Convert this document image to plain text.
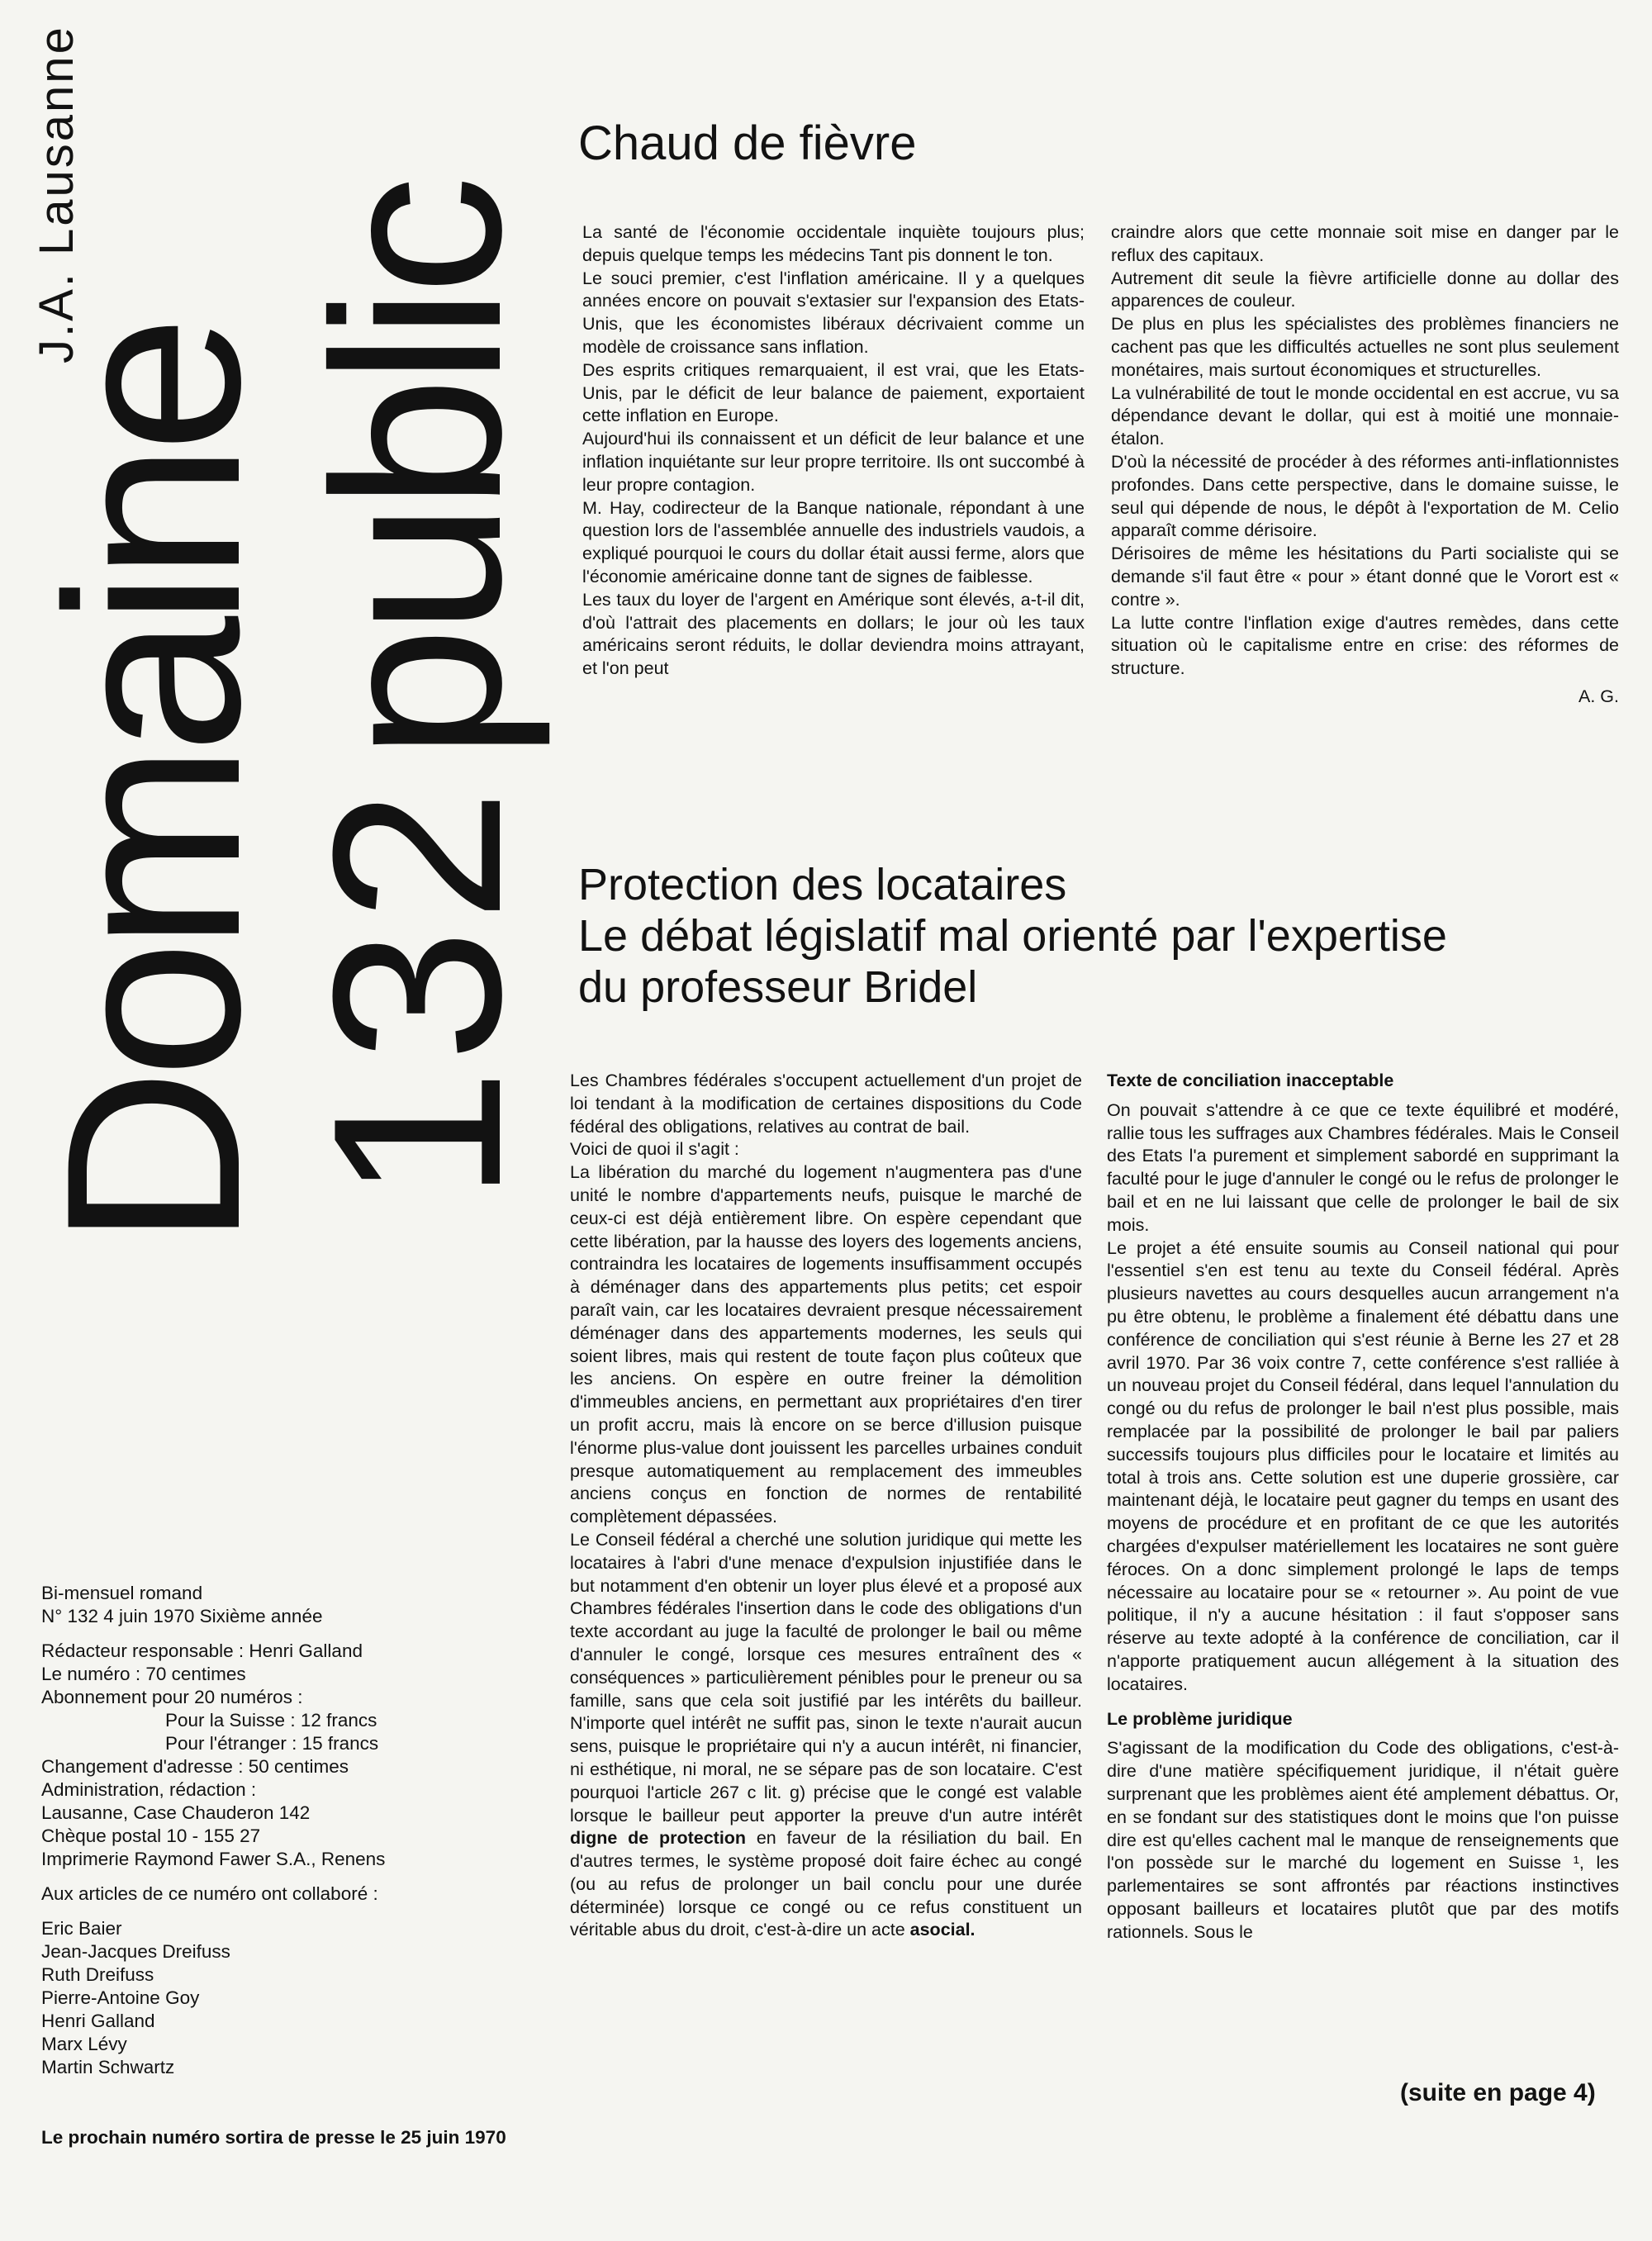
J.A. Lausanne
Domaine
public
132
Chaud de fièvre

La santé de l'économie occidentale inquiète toujours plus; depuis quelque temps les médecins Tant pis donnent le ton.

Le souci premier, c'est l'inflation américaine. Il y a quelques années encore on pouvait s'extasier sur l'expansion des Etats-Unis, que les économistes libéraux décrivaient comme un modèle de croissance sans inflation.

Des esprits critiques remarquaient, il est vrai, que les Etats-Unis, par le déficit de leur balance de paiement, exportaient cette inflation en Europe.

Aujourd'hui ils connaissent et un déficit de leur balance et une inflation inquiétante sur leur propre territoire. Ils ont succombé à leur propre contagion.

M. Hay, codirecteur de la Banque nationale, répondant à une question lors de l'assemblée annuelle des industriels vaudois, a expliqué pourquoi le cours du dollar était aussi ferme, alors que l'économie américaine donne tant de signes de faiblesse.

Les taux du loyer de l'argent en Amérique sont élevés, a-t-il dit, d'où l'attrait des placements en dollars; le jour où les taux américains seront réduits, le dollar deviendra moins attrayant, et l'on peut

craindre alors que cette monnaie soit mise en danger par le reflux des capitaux.

Autrement dit seule la fièvre artificielle donne au dollar des apparences de couleur.

De plus en plus les spécialistes des problèmes financiers ne cachent pas que les difficultés actuelles ne sont plus seulement monétaires, mais surtout économiques et structurelles.

La vulnérabilité de tout le monde occidental en est accrue, vu sa dépendance devant le dollar, qui est à moitié une monnaie-étalon.

D'où la nécessité de procéder à des réformes anti-inflationnistes profondes. Dans cette perspective, dans le domaine suisse, le seul qui dépende de nous, le dépôt à l'exportation de M. Celio apparaît comme dérisoire.

Dérisoires de même les hésitations du Parti socialiste qui se demande s'il faut être « pour » étant donné que le Vorort est « contre ».

La lutte contre l'inflation exige d'autres remèdes, dans cette situation où le capitalisme entre en crise: des réformes de structure.

A. G.

Protection des locataires
Le débat législatif mal orienté par l'expertise
du professeur Bridel

Les Chambres fédérales s'occupent actuellement d'un projet de loi tendant à la modification de certaines dispositions du Code fédéral des obligations, relatives au contrat de bail.

Voici de quoi il s'agit :

La libération du marché du logement n'augmentera pas d'une unité le nombre d'appartements neufs, puisque le marché de ceux-ci est déjà entièrement libre. On espère cependant que cette libération, par la hausse des loyers des logements anciens, contraindra les locataires de logements insuffisamment occupés à déménager dans des appartements plus petits; cet espoir paraît vain, car les locataires devraient presque nécessairement déménager dans des appartements modernes, les seuls qui soient libres, mais qui restent de toute façon plus coûteux que les anciens. On espère en outre freiner la démolition d'immeubles anciens, en permettant aux propriétaires d'en tirer un profit accru, mais là encore on se berce d'illusion puisque l'énorme plus-value dont jouissent les parcelles urbaines conduit presque automatiquement au remplacement des immeubles anciens conçus en fonction de normes de rentabilité complètement dépassées.

Le Conseil fédéral a cherché une solution juridique qui mette les locataires à l'abri d'une menace d'expulsion injustifiée dans le but notamment d'en obtenir un loyer plus élevé et a proposé aux Chambres fédérales l'insertion dans le code des obligations d'un texte accordant au juge la faculté de prolonger le bail ou même d'annuler le congé, lorsque ces mesures entraînent des « conséquences » particulièrement pénibles pour le preneur ou sa famille, sans que cela soit justifié par les intérêts du bailleur. N'importe quel intérêt ne suffit pas, sinon le texte n'aurait aucun sens, puisque le propriétaire qui n'y a aucun intérêt, ni financier, ni esthétique, ni moral, ne se sépare pas de son locataire. C'est pourquoi l'article 267 c lit. g) précise que le congé est valable lorsque le bailleur peut apporter la preuve d'un autre intérêt digne de protection en faveur de la résiliation du bail. En d'autres termes, le système proposé doit faire échec au congé (ou au refus de prolonger un bail conclu pour une durée déterminée) lorsque ce congé ou ce refus constituent un véritable abus du droit, c'est-à-dire un acte asocial.

Texte de conciliation inacceptable

On pouvait s'attendre à ce que ce texte équilibré et modéré, rallie tous les suffrages aux Chambres fédérales. Mais le Conseil des Etats l'a purement et simplement sabordé en supprimant la faculté pour le juge d'annuler le congé ou le refus de prolonger le bail et en ne lui laissant que celle de prolonger le bail de six mois.

Le projet a été ensuite soumis au Conseil national qui pour l'essentiel s'en est tenu au texte du Conseil fédéral. Après plusieurs navettes au cours desquelles aucun arrangement n'a pu être obtenu, le problème a finalement été débattu dans une conférence de conciliation qui s'est réunie à Berne les 27 et 28 avril 1970. Par 36 voix contre 7, cette conférence s'est ralliée à un nouveau projet du Conseil fédéral, dans lequel l'annulation du congé ou du refus de prolonger le bail n'est plus possible, mais remplacée par la possibilité de prolonger le bail par paliers successifs toujours plus difficiles pour le locataire et limités au total à trois ans. Cette solution est une duperie grossière, car maintenant déjà, le locataire peut gagner du temps en usant des moyens de procédure et en profitant de ce que les autorités chargées d'expulser matériellement les locataires ne sont guère féroces. On a donc simplement prolongé le laps de temps nécessaire au locataire pour se « retourner ». Au point de vue politique, il n'y a aucune hésitation : il faut s'opposer sans réserve au texte adopté à la conférence de conciliation, car il n'apporte pratiquement aucun allégement à la situation des locataires.

Le problème juridique

S'agissant de la modification du Code des obligations, c'est-à-dire d'une matière spécifiquement juridique, il n'était guère surprenant que les problèmes aient été amplement débattus. Or, en se fondant sur des statistiques dont le moins que l'on puisse dire est qu'elles cachent mal le manque de renseignements que l'on possède sur le marché du logement en Suisse ¹, les parlementaires se sont affrontés par réactions instinctives opposant bailleurs et locataires plutôt que par des motifs rationnels. Sous le

(suite en page 4)
Bi-mensuel romand
N° 132 4 juin 1970 Sixième année
Rédacteur responsable : Henri Galland
Le numéro : 70 centimes
Abonnement pour 20 numéros :
Pour la Suisse : 12 francs
Pour l'étranger : 15 francs
Changement d'adresse : 50 centimes
Administration, rédaction :
Lausanne, Case Chauderon 142
Chèque postal 10 - 155 27
Imprimerie Raymond Fawer S.A., Renens
Aux articles de ce numéro ont collaboré :
Eric Baier
Jean-Jacques Dreifuss
Ruth Dreifuss
Pierre-Antoine Goy
Henri Galland
Marx Lévy
Martin Schwartz
Le prochain numéro sortira de presse le 25 juin 1970
